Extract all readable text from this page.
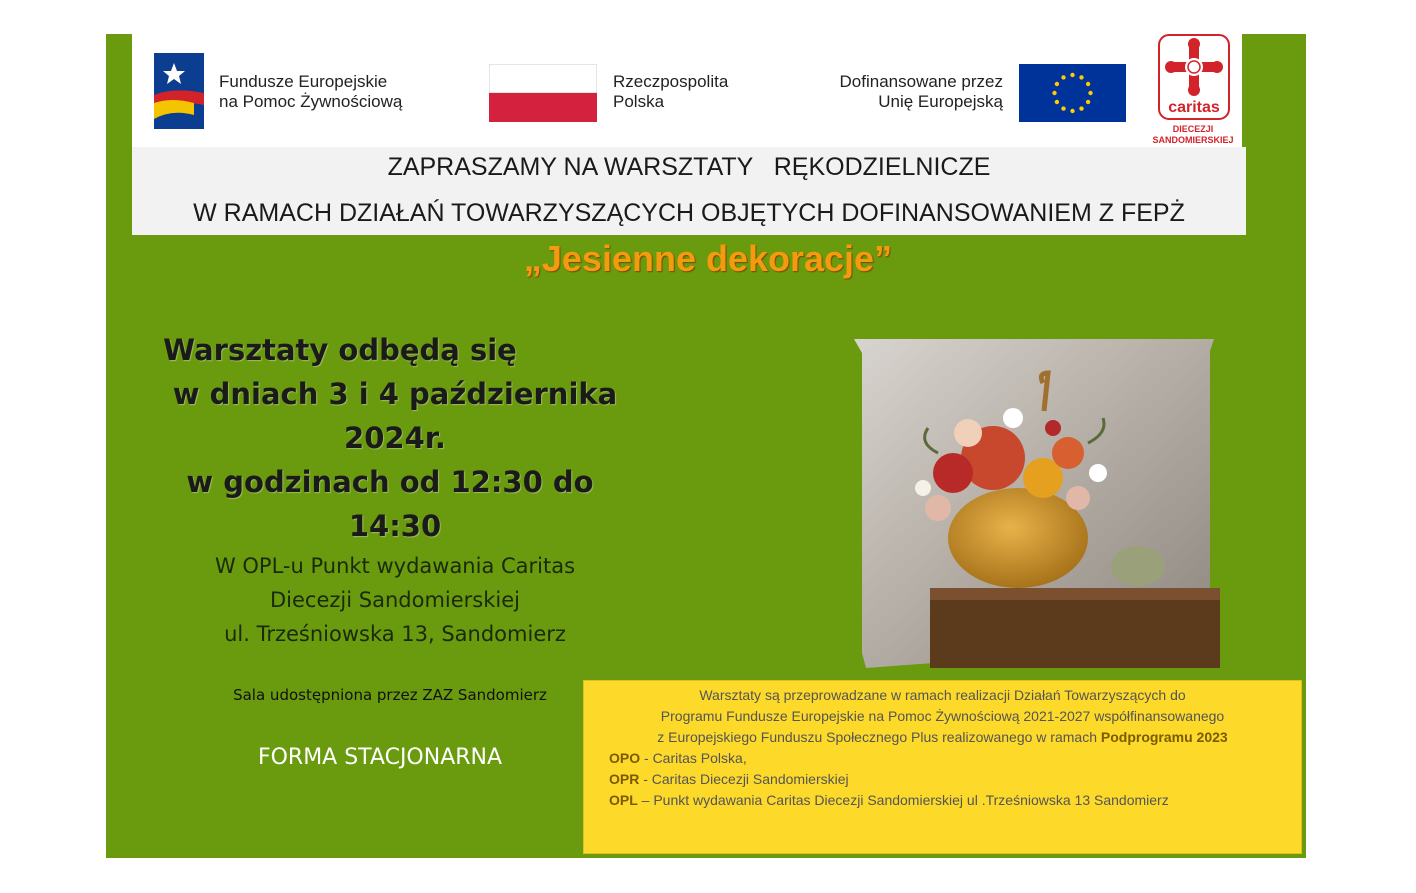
Fundusze Europejskie
na Pomoc Żywnościową
Rzeczpospolita
Polska
Dofinansowane przez
Unię Europejską	caritas
DIECEZJI
SANDOMIERSKIEJ
ZAPRASZAMY NA WARSZTATY   RĘKODZIELNICZE
W RAMACH DZIAŁAŃ TOWARZYSZĄCYCH OBJĘTYCH DOFINANSOWANIEM Z FEPŻ
„Jesienne dekoracje”
Warsztaty odbędą się
w dniach 3 i 4 października
2024r.
w godzinach od 12:30 do
14:30
W OPL-u Punkt wydawania Caritas
Diecezji Sandomierskiej
ul. Trześniowska 13, Sandomierz
Sala udostępniona przez ZAZ Sandomierz
FORMA STACJONARNA
Warsztaty są przeprowadzane w ramach realizacji Działań Towarzyszących do
Programu Fundusze Europejskie na Pomoc Żywnościową 2021-2027 współfinansowanego
z Europejskiego Funduszu Społecznego Plus realizowanego w ramach Podprogramu 2023
OPO - Caritas Polska,
OPR - Caritas Diecezji Sandomierskiej
OPL – Punkt wydawania Caritas Diecezji Sandomierskiej ul .Trześniowska 13 Sandomierz
